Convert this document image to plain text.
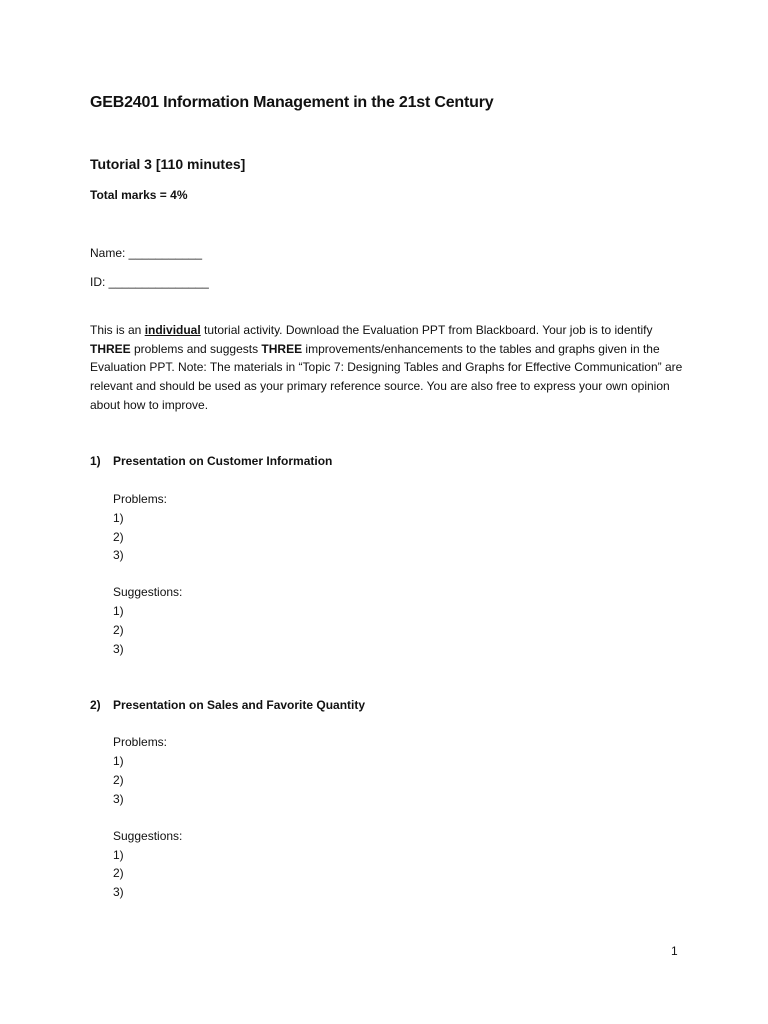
GEB2401 Information Management in the 21st Century
Tutorial 3 [110 minutes]
Total marks = 4%
Name: ___________
ID: _______________
This is an individual tutorial activity. Download the Evaluation PPT from Blackboard. Your job is to identify THREE problems and suggests THREE improvements/enhancements to the tables and graphs given in the Evaluation PPT. Note: The materials in “Topic 7: Designing Tables and Graphs for Effective Communication” are relevant and should be used as your primary reference source. You are also free to express your own opinion about how to improve.
1) Presentation on Customer Information
Problems:
1)
2)
3)
Suggestions:
1)
2)
3)
2) Presentation on Sales and Favorite Quantity
Problems:
1)
2)
3)
Suggestions:
1)
2)
3)
1
